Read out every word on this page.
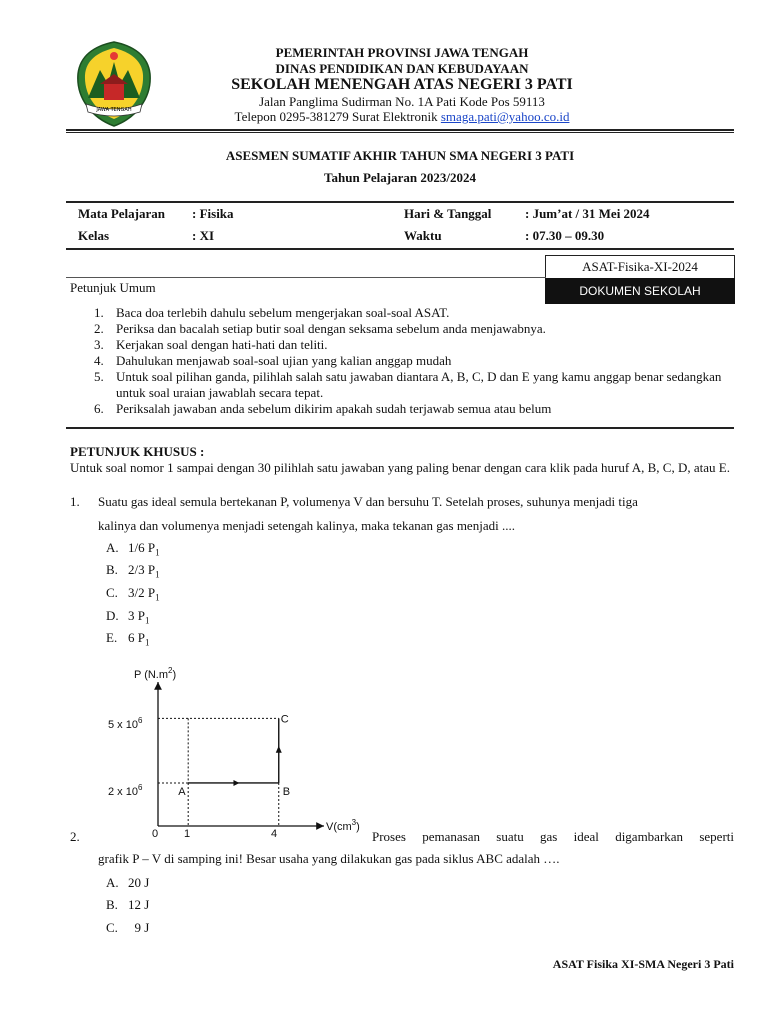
JAWA TENGAH
PEMERINTAH PROVINSI JAWA TENGAH
DINAS PENDIDIKAN DAN KEBUDAYAAN
SEKOLAH MENENGAH ATAS NEGERI 3 PATI
Jalan Panglima Sudirman No. 1A Pati Kode Pos 59113
Telepon 0295-381279 Surat Elektronik smaga.pati@yahoo.co.id
ASESMEN SUMATIF AKHIR TAHUN SMA NEGERI 3 PATI
Tahun Pelajaran 2023/2024
Mata Pelajaran : Fisika	Hari & Tanggal	: Jum’at / 31 Mei 2024
Kelas	: XI	Waktu	: 07.30 – 09.30
ASAT-Fisika-XI-2024
DOKUMEN SEKOLAH
Petunjuk Umum
1. Baca doa terlebih dahulu sebelum mengerjakan soal-soal ASAT.
2. Periksa dan bacalah setiap butir soal dengan seksama sebelum anda menjawabnya.
3. Kerjakan soal dengan hati-hati dan teliti.
4. Dahulukan menjawab soal-soal ujian yang kalian anggap mudah
5. Untuk soal pilihan ganda, pilihlah salah satu jawaban diantara A, B, C, D dan E yang kamu anggap benar sedangkan untuk soal uraian jawablah secara tepat.
6. Periksalah jawaban anda sebelum dikirim apakah sudah terjawab semua atau belum
PETUNJUK KHUSUS :
Untuk soal nomor 1 sampai dengan 30 pilihlah satu jawaban yang paling benar dengan cara klik pada huruf A, B, C, D, atau E.
1. Suatu gas ideal semula bertekanan P, volumenya V dan bersuhu T. Setelah proses, suhunya menjadi tiga
kalinya dan volumenya menjadi setengah kalinya, maka tekanan gas menjadi ....
A. 1/6 $P_1$
B. 2/3 $P_1$
C. 3/2 $P_1$
D. 3 $P_1$
E. 6 $P_1$
P $(N.m^2)$
$V(cm^3)$
5 x $10^6$
2 x $10^6$
0 1	4
A	B
C
2.	Proses pemanasan suatu gas ideal digambarkan seperti
grafik P – V di samping ini! Besar usaha yang dilakukan gas pada siklus ABC adalah ….
A. 20 J
B. 12 J
C.  9 J
ASAT Fisika XI-SMA Negeri 3 Pati
